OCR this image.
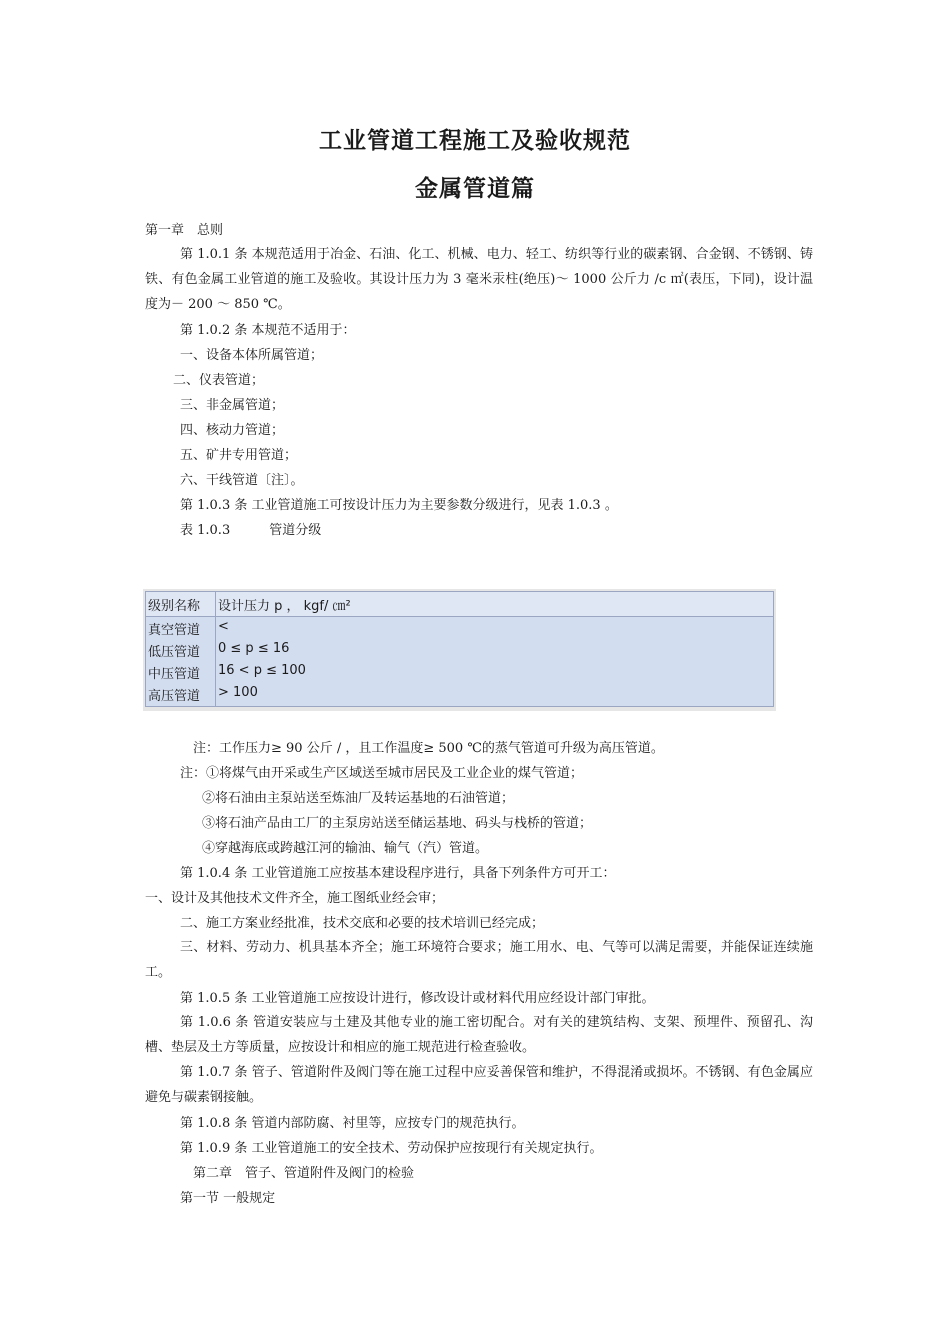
工业管道工程施工及验收规范
金属管道篇
第一章　总则
第 1.0.1 条 本规范适用于冶金、石油、化工、机械、电力、轻工、纺织等行业的碳素钢、合金钢、不锈钢、铸铁、有色金属工业管道的施工及验收。其设计压力为 3 毫米汞柱(绝压)～ 1000 公斤力 /c ㎡(表压，下同)，设计温度为－ 200 ～ 850 ℃。
第 1.0.2 条 本规范不适用于：
一、设备本体所属管道；
二、仪表管道；
三、非金属管道；
四、核动力管道；
五、矿井专用管道；
六、干线管道〔注〕。
第 1.0.3 条 工业管道施工可按设计压力为主要参数分级进行，见表 1.0.3 。
表 1.0.3　　　管道分级
级别名称	设计压力 p ， kgf/ ㎝²
真空管道	<
低压管道	0 ≤ p ≤ 16
中压管道	16 < p ≤ 100
高压管道	> 100
注：工作压力≥ 90 公斤 / ，且工作温度≥ 500 ℃的蒸气管道可升级为高压管道。
注：①将煤气由开采或生产区域送至城市居民及工业企业的煤气管道；
②将石油由主泵站送至炼油厂及转运基地的石油管道；
③将石油产品由工厂的主泵房站送至储运基地、码头与栈桥的管道；
④穿越海底或跨越江河的输油、输气（汽）管道。
第 1.0.4 条 工业管道施工应按基本建设程序进行，具备下列条件方可开工：
一、设计及其他技术文件齐全，施工图纸业经会审；
二、施工方案业经批准，技术交底和必要的技术培训已经完成；
三、材料、劳动力、机具基本齐全；施工环境符合要求；施工用水、电、气等可以满足需要，并能保证连续施工。
第 1.0.5 条 工业管道施工应按设计进行，修改设计或材料代用应经设计部门审批。
第 1.0.6 条 管道安装应与土建及其他专业的施工密切配合。对有关的建筑结构、支架、预埋件、预留孔、沟槽、垫层及土方等质量，应按设计和相应的施工规范进行检查验收。
第 1.0.7 条 管子、管道附件及阀门等在施工过程中应妥善保管和维护，不得混淆或损坏。不锈钢、有色金属应避免与碳素钢接触。
第 1.0.8 条 管道内部防腐、衬里等，应按专门的规范执行。
第 1.0.9 条 工业管道施工的安全技术、劳动保护应按现行有关规定执行。
第二章　管子、管道附件及阀门的检验
第一节 一般规定
